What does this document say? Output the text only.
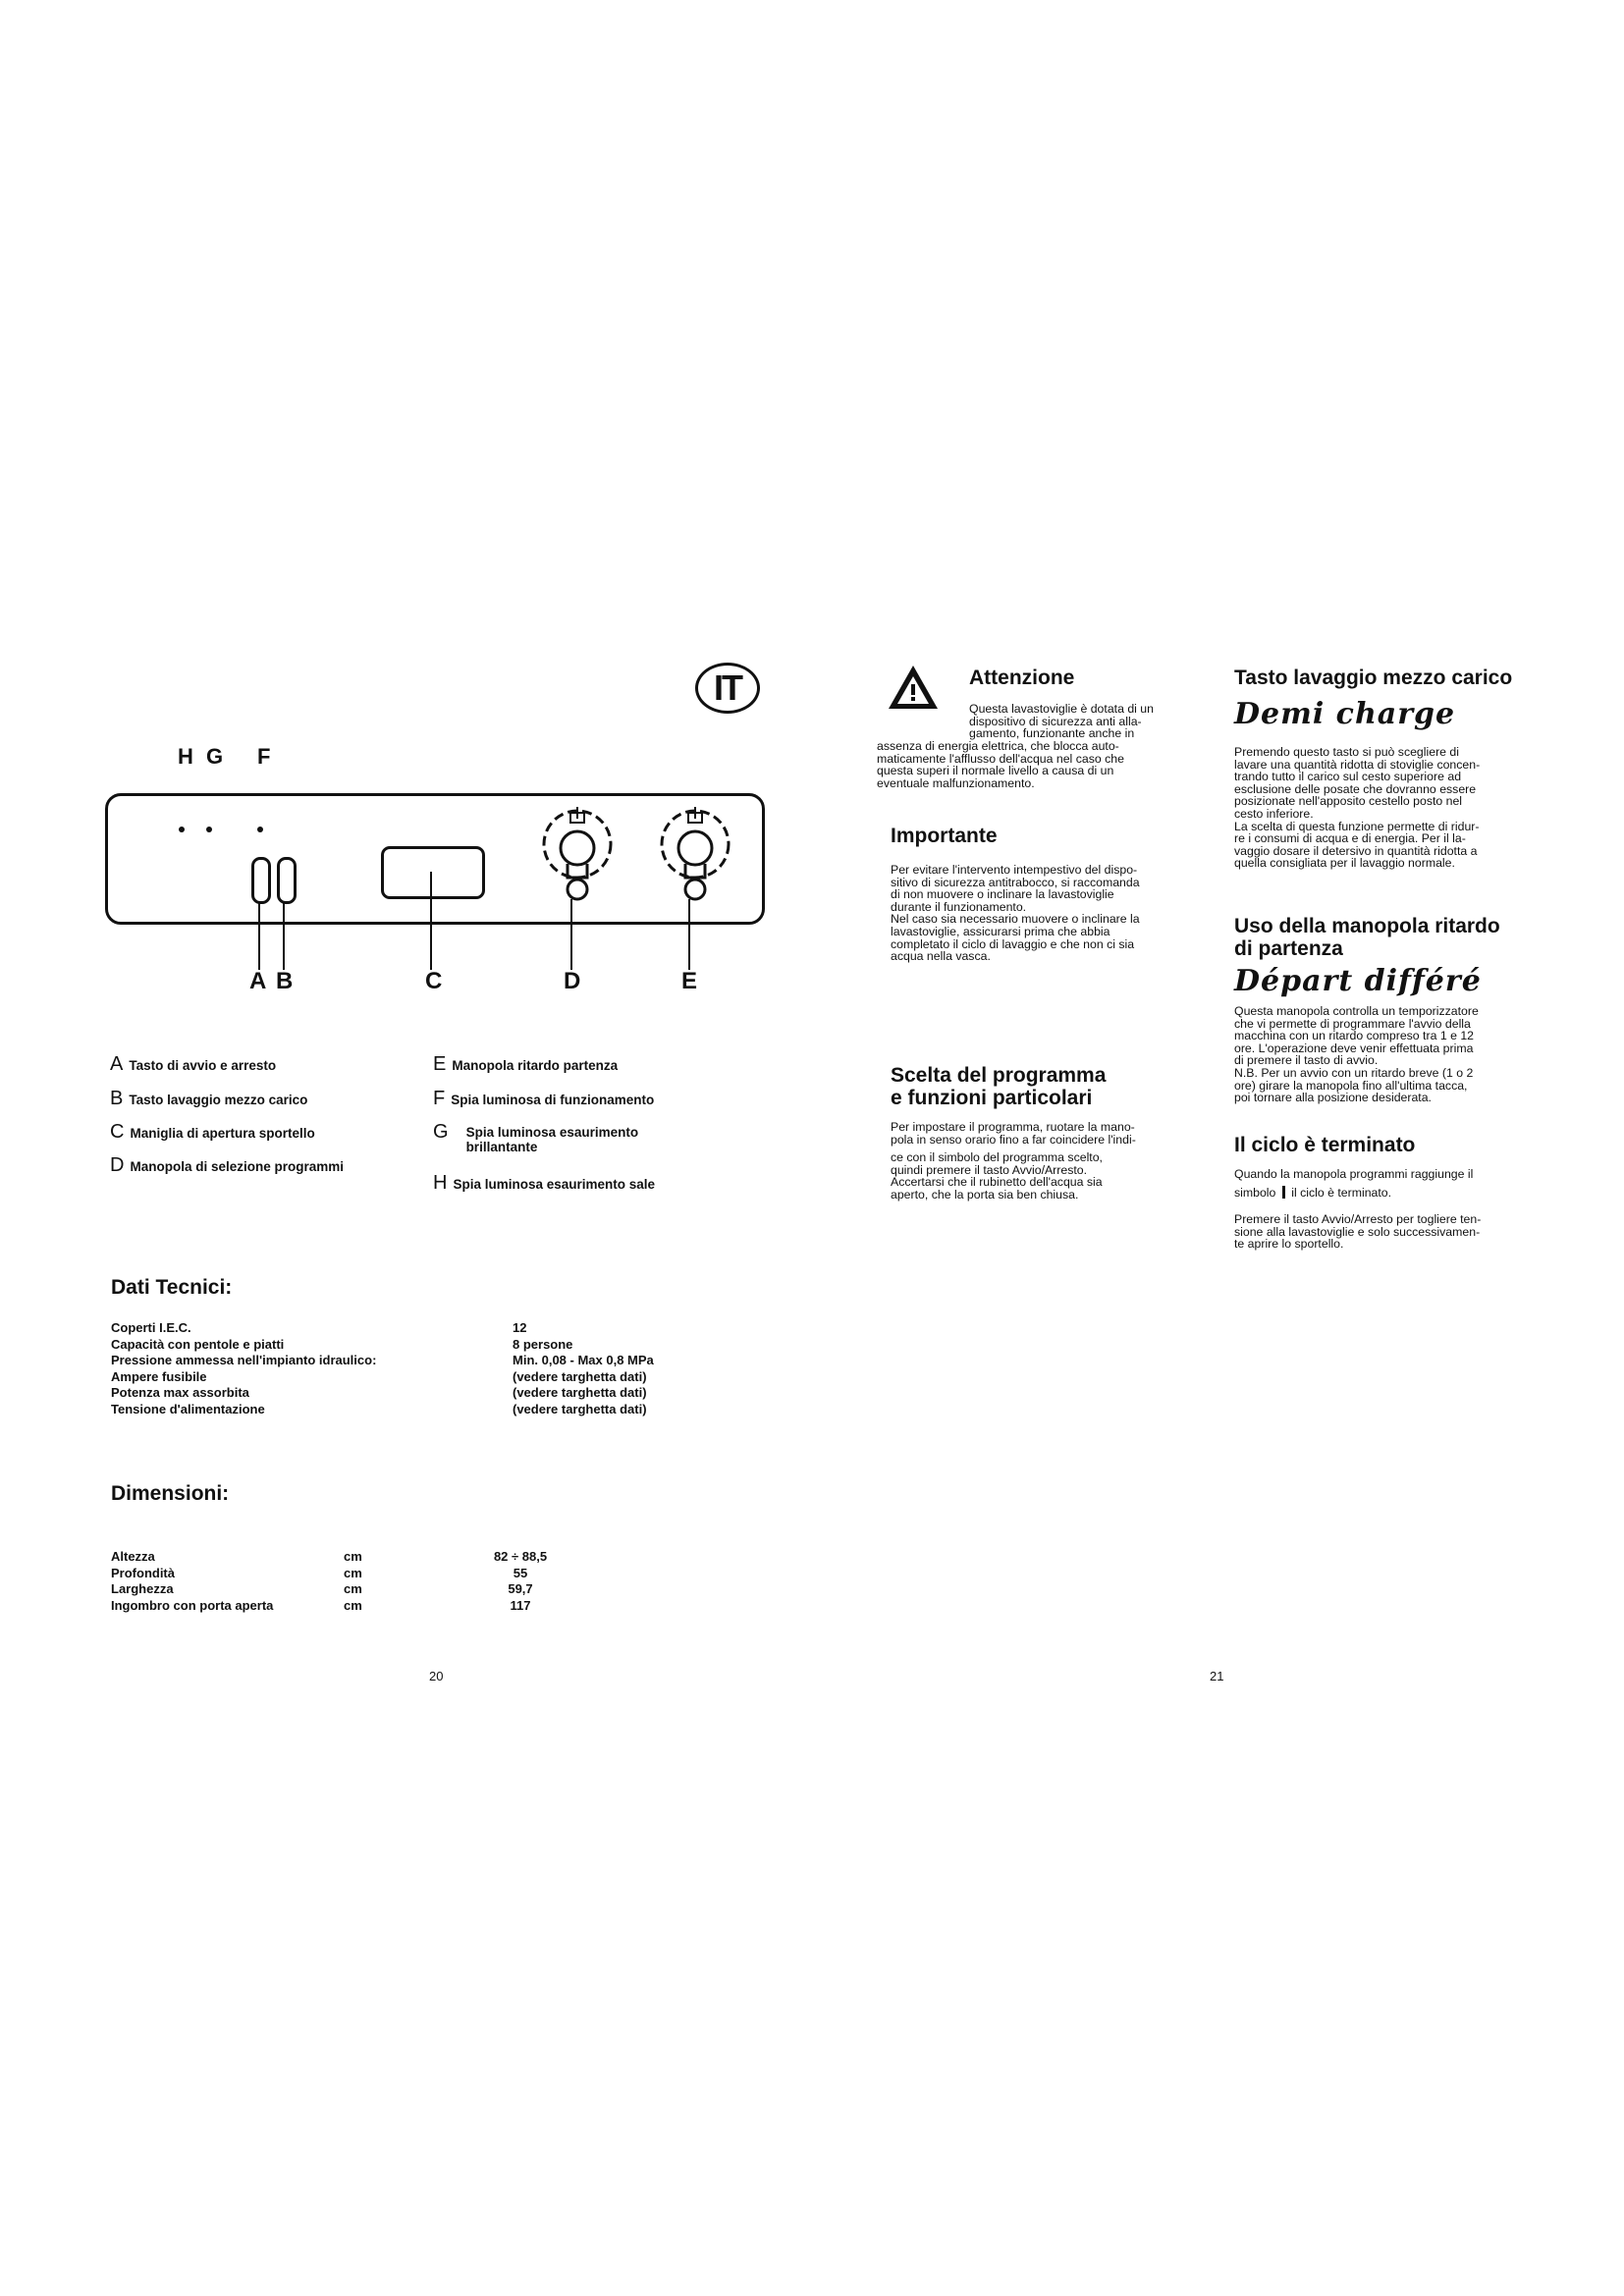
IT
H G F
A B	C	D	E
A Tasto di avvio e arresto
B Tasto lavaggio mezzo carico
C Maniglia di apertura sportello
D Manopola di selezione programmi
E Manopola ritardo partenza
F Spia luminosa di funzionamento
G	Spia luminosa esaurimento brillantante
H Spia luminosa esaurimento sale
Dati Tecnici:
Coperti I.E.C.	12
Capacità con pentole e piatti	8 persone
Pressione ammessa nell'impianto idraulico:	Min. 0,08 - Max 0,8 MPa
Ampere fusibile	(vedere targhetta dati)
Potenza max assorbita	(vedere targhetta dati)
Tensione d'alimentazione	(vedere targhetta dati)
Dimensioni:
Altezza	cm	82 ÷ 88,5
Profondità	cm	55
Larghezza	cm	59,7
Ingombro con porta aperta	cm	117
20
Attenzione
Questa lavastoviglie è dotata di un
dispositivo di sicurezza anti alla-
gamento, funzionante anche in
assenza di energia elettrica, che blocca auto-
maticamente l'afflusso dell'acqua nel caso che
questa superi il normale livello a causa di un
eventuale malfunzionamento.
Importante
Per evitare l'intervento intempestivo del dispo-
sitivo di sicurezza antitrabocco, si raccomanda
di non muovere o inclinare la lavastoviglie
durante il funzionamento.
Nel caso sia necessario muovere o inclinare la
lavastoviglie, assicurarsi prima che abbia
completato il ciclo di lavaggio e che non ci sia
acqua nella vasca.
Scelta del programma
e funzioni particolari
Per impostare il programma, ruotare la mano-
pola in senso orario fino a far coincidere l'indi-
ce con il simbolo del programma scelto,
quindi premere il tasto Avvio/Arresto.
Accertarsi che il rubinetto dell'acqua sia
aperto, che la porta sia ben chiusa.
Tasto lavaggio mezzo carico
Demi charge
Premendo questo tasto si può scegliere di
lavare una quantità ridotta di stoviglie concen-
trando tutto il carico sul cesto superiore ad
esclusione delle posate che dovranno essere
posizionate nell'apposito cestello posto nel
cesto inferiore.
La scelta di questa funzione permette di ridur-
re i consumi di acqua e di energia. Per il la-
vaggio dosare il detersivo in quantità ridotta a
quella consigliata per il lavaggio normale.
Uso della manopola ritardo
di partenza
Départ différé
Questa manopola controlla un temporizzatore
che vi permette di programmare l'avvio della
macchina con un ritardo compreso tra 1 e 12
ore. L'operazione deve venir effettuata prima
di premere il tasto di avvio.
N.B. Per un avvio con un ritardo breve (1 o 2
ore) girare la manopola fino all'ultima tacca,
poi tornare alla posizione desiderata.
Il ciclo è terminato
Quando la manopola programmi raggiunge il
simbolo il ciclo è terminato.
Premere il tasto Avvio/Arresto per togliere ten-
sione alla lavastoviglie e solo successivamen-
te aprire lo sportello.
21
